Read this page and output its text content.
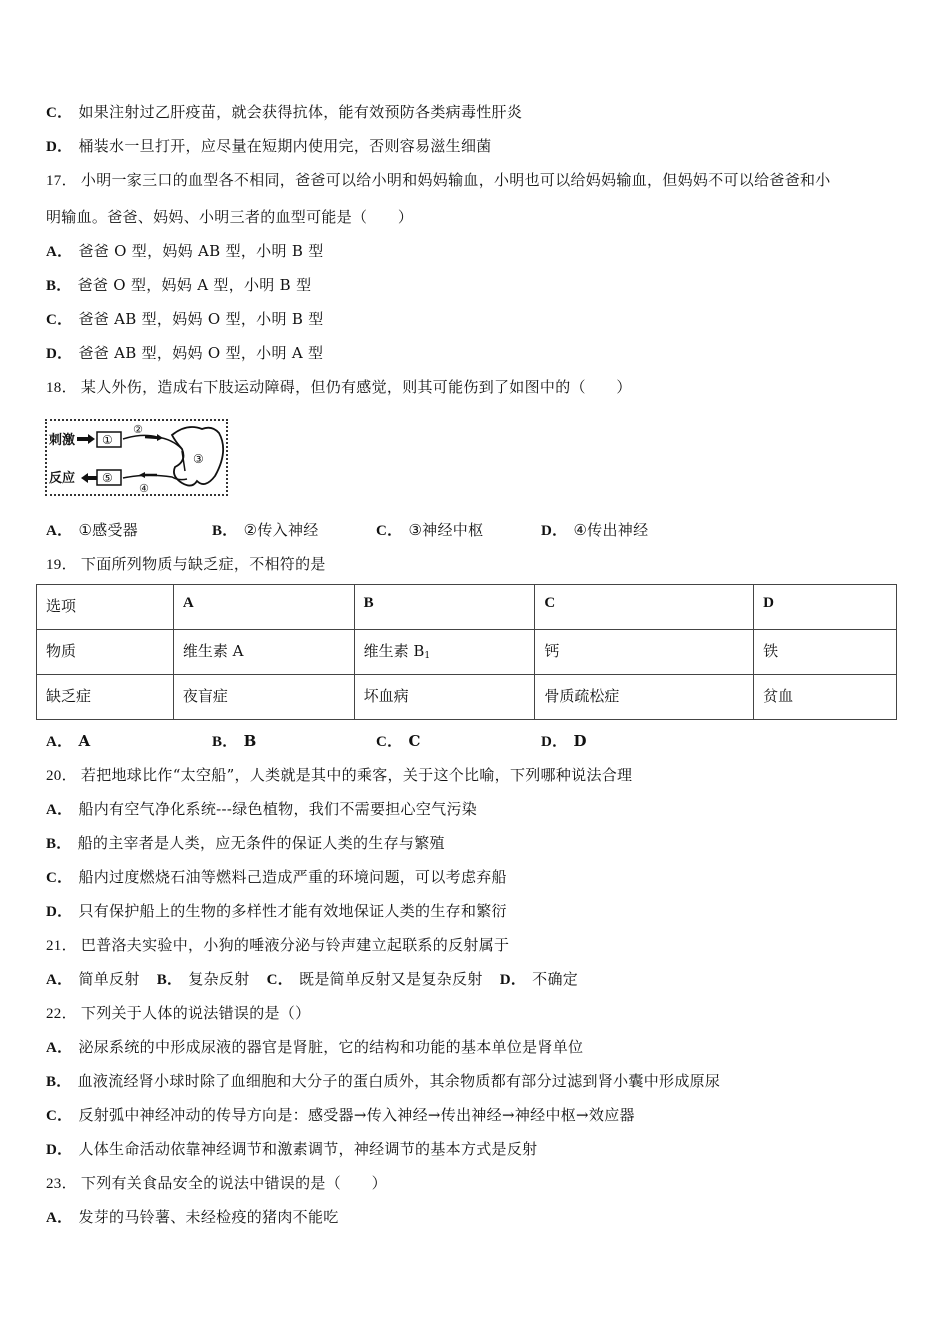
C． 如果注射过乙肝疫苗，就会获得抗体，能有效预防各类病毒性肝炎
D． 桶装水一旦打开，应尽量在短期内使用完，否则容易滋生细菌
17． 小明一家三口的血型各不相同，爸爸可以给小明和妈妈输血，小明也可以给妈妈输血，但妈妈不可以给爸爸和小
明输血。爸爸、妈妈、小明三者的血型可能是（　　）
A． 爸爸 O 型，妈妈 AB 型，小明 B 型
B． 爸爸 O 型，妈妈 A 型，小明 B 型
C． 爸爸 AB 型，妈妈 O 型，小明 B 型
D． 爸爸 AB 型，妈妈 O 型，小明 A 型
18． 某人外伤，造成右下肢运动障碍，但仍有感觉，则其可能伤到了如图中的（　　）
刺激 ①
反应 ⑤
②
③
④
A． ①感受器	B． ②传入神经	C． ③神经中枢	D． ④传出神经
19． 下面所列物质与缺乏症，不相符的是
选项	A	B	C	D
物质	维生素 A	维生素 $B_1$	钙	铁
缺乏症	夜盲症	坏血病	骨质疏松症	贫血
A． A	B． B	C． C	D． D
20． 若把地球比作“太空船”，人类就是其中的乘客，关于这个比喻，下列哪种说法合理
A． 船内有空气净化系统---绿色植物，我们不需要担心空气污染
B． 船的主宰者是人类，应无条件的保证人类的生存与繁殖
C． 船内过度燃烧石油等燃料己造成严重的环境问题，可以考虑弃船
D． 只有保护船上的生物的多样性才能有效地保证人类的生存和繁衍
21． 巴普洛夫实验中，小狗的唾液分泌与铃声建立起联系的反射属于
A． 简单反射 B． 复杂反射 C． 既是简单反射又是复杂反射 D． 不确定
22． 下列关于人体的说法错误的是（）
A． 泌尿系统的中形成尿液的器官是肾脏，它的结构和功能的基本单位是肾单位
B． 血液流经肾小球时除了血细胞和大分子的蛋白质外，其余物质都有部分过滤到肾小囊中形成原尿
C． 反射弧中神经冲动的传导方向是：感受器→传入神经→传出神经→神经中枢→效应器
D． 人体生命活动依靠神经调节和激素调节，神经调节的基本方式是反射
23． 下列有关食品安全的说法中错误的是（　　）
A． 发芽的马铃薯、未经检疫的猪肉不能吃
